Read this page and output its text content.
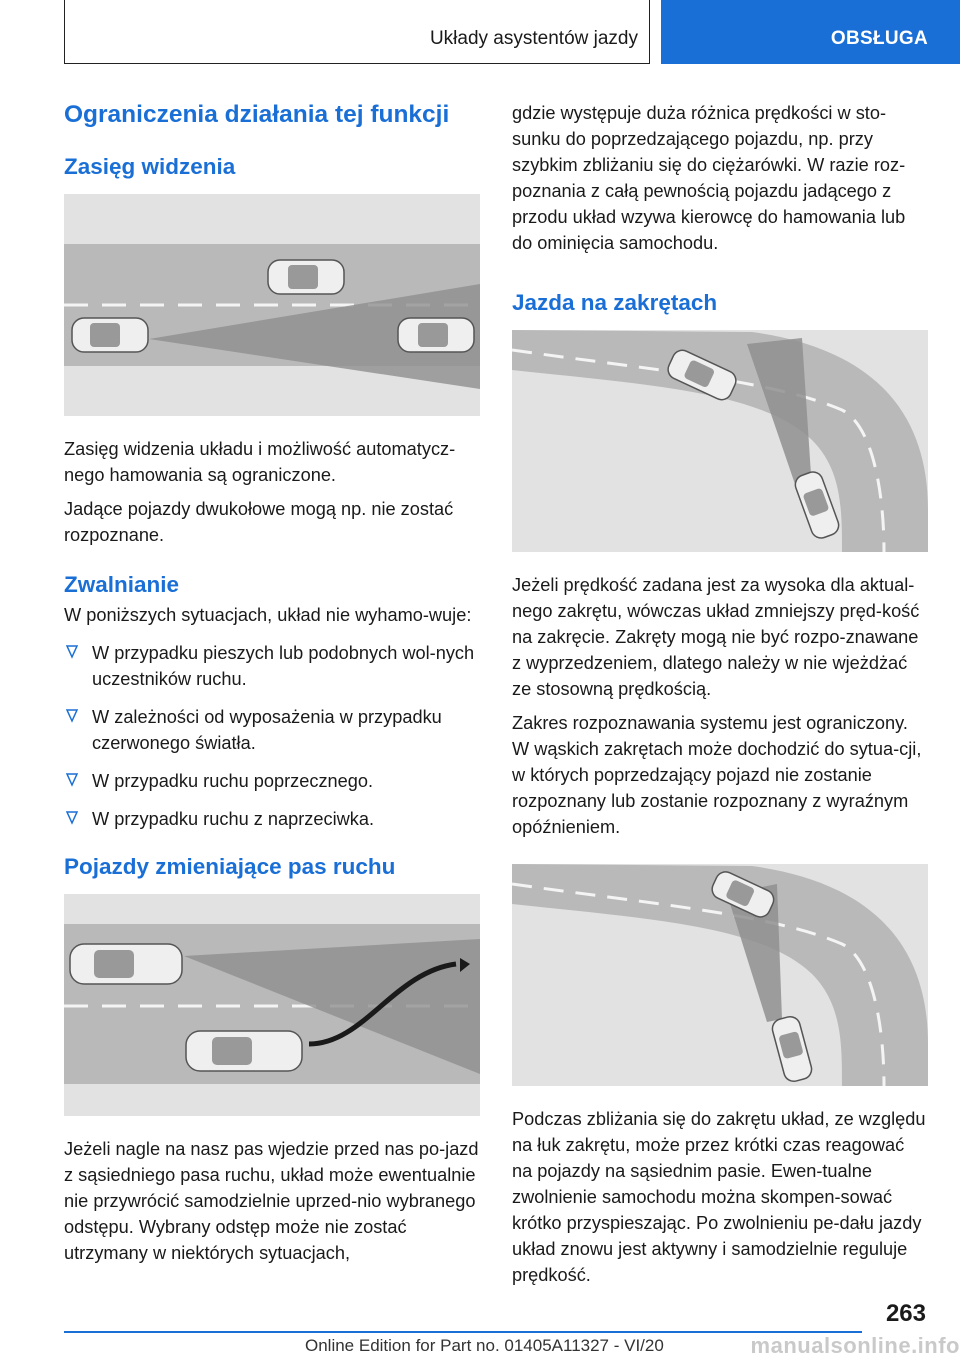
Układy asystentów jazdy	OBSŁUGA
Ograniczenia działania tej funkcji
Zasięg widzenia

Zasięg widzenia układu i możliwość automatycz-nego hamowania są ograniczone.

Jadące pojazdy dwukołowe mogą np. nie zostać rozpoznane.

Zwalnianie

W poniższych sytuacjach, układ nie wyhamo-wuje:

W przypadku pieszych lub podobnych wol-nych uczestników ruchu.
W zależności od wyposażenia w przypadku czerwonego światła.
W przypadku ruchu poprzecznego.
W przypadku ruchu z naprzeciwka.
Pojazdy zmieniające pas ruchu

Jeżeli nagle na nasz pas wjedzie przed nas po-jazd z sąsiedniego pasa ruchu, układ może ewentualnie nie przywrócić samodzielnie uprzed-nio wybranego odstępu. Wybrany odstęp może nie zostać utrzymany w niektórych sytuacjach,

gdzie występuje duża różnica prędkości w sto-sunku do poprzedzającego pojazdu, np. przy szybkim zbliżaniu się do ciężarówki. W razie roz-poznania z całą pewnością pojazdu jadącego z przodu układ wzywa kierowcę do hamowania lub do ominięcia samochodu.

Jazda na zakrętach

Jeżeli prędkość zadana jest za wysoka dla aktual-nego zakrętu, wówczas układ zmniejszy pręd-kość na zakręcie. Zakręty mogą nie być rozpo-znawane z wyprzedzeniem, dlatego należy w nie wjeżdżać ze stosowną prędkością.

Zakres rozpoznawania systemu jest ograniczony. W wąskich zakrętach może dochodzić do sytua-cji, w których poprzedzający pojazd nie zostanie rozpoznany lub zostanie rozpoznany z wyraźnym opóźnieniem.

Podczas zbliżania się do zakrętu układ, ze względu na łuk zakrętu, może przez krótki czas reagować na pojazdy na sąsiednim pasie. Ewen-tualne zwolnienie samochodu można skompen-sować krótko przyspieszając. Po zwolnieniu pe-dału jazdy układ znowu jest aktywny i samodzielnie reguluje prędkość.

263
Online Edition for Part no. 01405A11327 - VI/20	manualsonline.info
